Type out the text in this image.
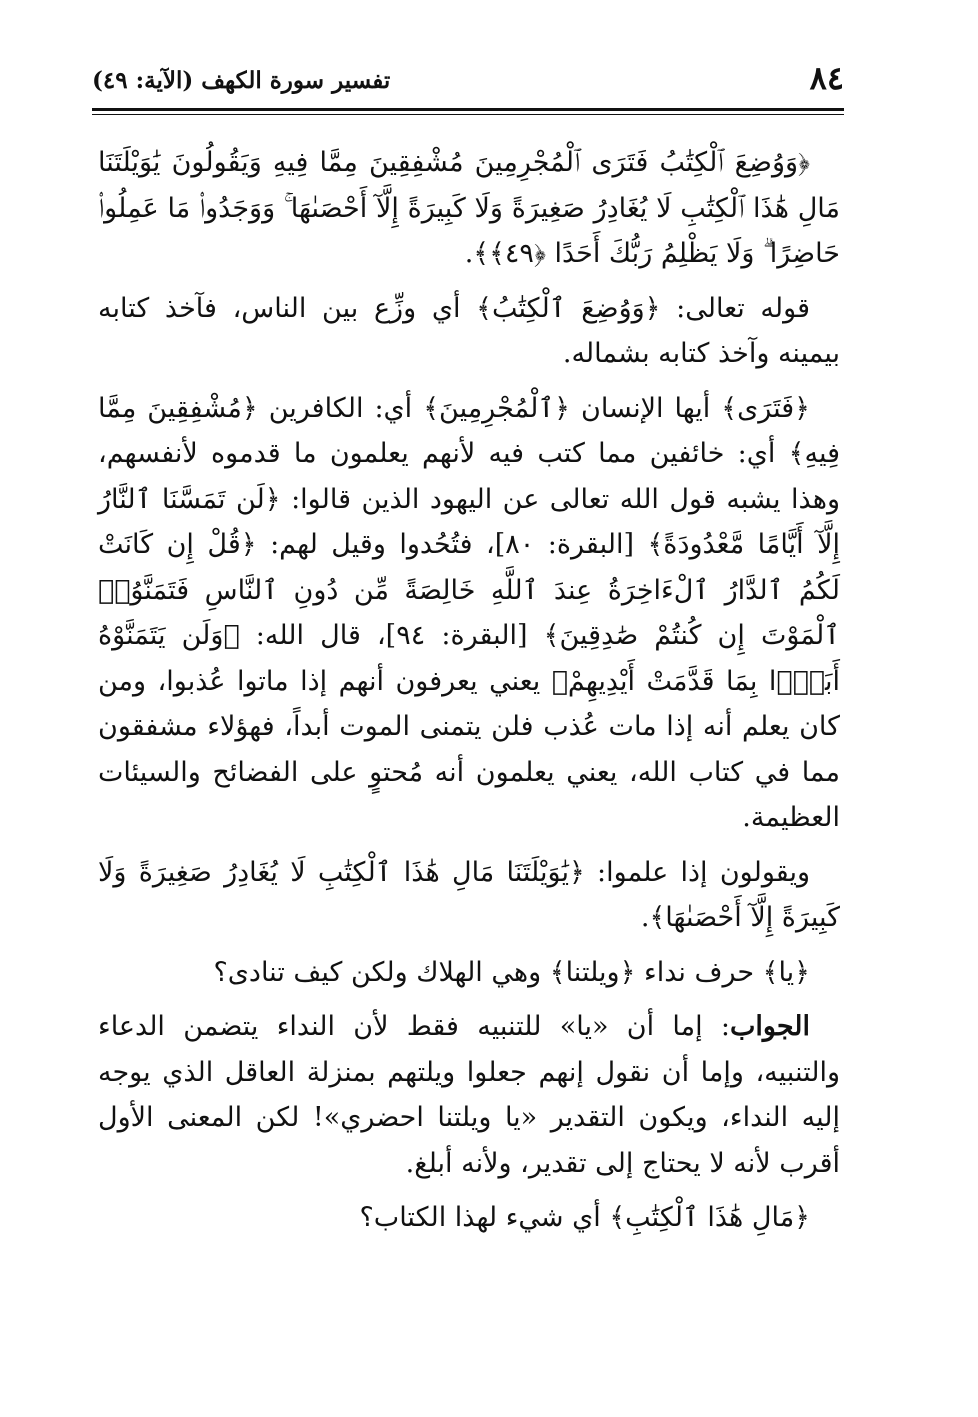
٨٤
تفسير سورة الكهف (الآية: ٤٩)

﴿وَوُضِعَ ٱلْكِتَٰبُ فَتَرَى ٱلْمُجْرِمِينَ مُشْفِقِينَ مِمَّا فِيهِ وَيَقُولُونَ يَٰوَيْلَتَنَا مَالِ هَٰذَا ٱلْكِتَٰبِ لَا يُغَادِرُ صَغِيرَةً وَلَا كَبِيرَةً إِلَّآ أَحْصَىٰهَا ۚ وَوَجَدُوا۟ مَا عَمِلُوا۟ حَاضِرًا ۗ وَلَا يَظْلِمُ رَبُّكَ أَحَدًا ﴿٤٩﴾﴾.

قوله تعالى: ﴿وَوُضِعَ ٱلْكِتَٰبُ﴾ أي وزِّع بين الناس، فآخذ كتابه بيمينه وآخذ كتابه بشماله.

﴿فَتَرَى﴾ أيها الإنسان ﴿ٱلْمُجْرِمِينَ﴾ أي: الكافرين ﴿مُشْفِقِينَ مِمَّا فِيهِ﴾ أي: خائفين مما كتب فيه لأنهم يعلمون ما قدموه لأنفسهم، وهذا يشبه قول الله تعالى عن اليهود الذين قالوا: ﴿لَن تَمَسَّنَا ٱلنَّارُ إِلَّآ أَيَّامًا مَّعْدُودَةً﴾ [البقرة: ٨٠]، فتُحُدوا وقيل لهم: ﴿قُلْ إِن كَانَتْ لَكُمُ ٱلدَّارُ ٱلْءَاخِرَةُ عِندَ ٱللَّهِ خَالِصَةً مِّن دُونِ ٱلنَّاسِ فَتَمَنَّوُا۟ ٱلْمَوْتَ إِن كُنتُمْ صَٰدِقِينَ﴾ [البقرة: ٩٤]، قال الله: ﴿وَلَن يَتَمَنَّوْهُ أَبَدًۢا بِمَا قَدَّمَتْ أَيْدِيهِمْ﴾ يعني يعرفون أنهم إذا ماتوا عُذبوا، ومن كان يعلم أنه إذا مات عُذب فلن يتمنى الموت أبداً، فهؤلاء مشفقون مما في كتاب الله، يعني يعلمون أنه مُحتوٍ على الفضائح والسيئات العظيمة.

ويقولون إذا علموا: ﴿يَٰوَيْلَتَنَا مَالِ هَٰذَا ٱلْكِتَٰبِ لَا يُغَادِرُ صَغِيرَةً وَلَا كَبِيرَةً إِلَّآ أَحْصَىٰهَا﴾.

﴿يا﴾ حرف نداء ﴿ويلتنا﴾ وهي الهلاك ولكن كيف تنادى؟

الجواب: إما أن «يا» للتنبيه فقط لأن النداء يتضمن الدعاء والتنبيه، وإما أن نقول إنهم جعلوا ويلتهم بمنزلة العاقل الذي يوجه إليه النداء، ويكون التقدير «يا ويلتنا احضري»! لكن المعنى الأول أقرب لأنه لا يحتاج إلى تقدير، ولأنه أبلغ.

﴿مَالِ هَٰذَا ٱلْكِتَٰبِ﴾ أي شيء لهذا الكتاب؟
